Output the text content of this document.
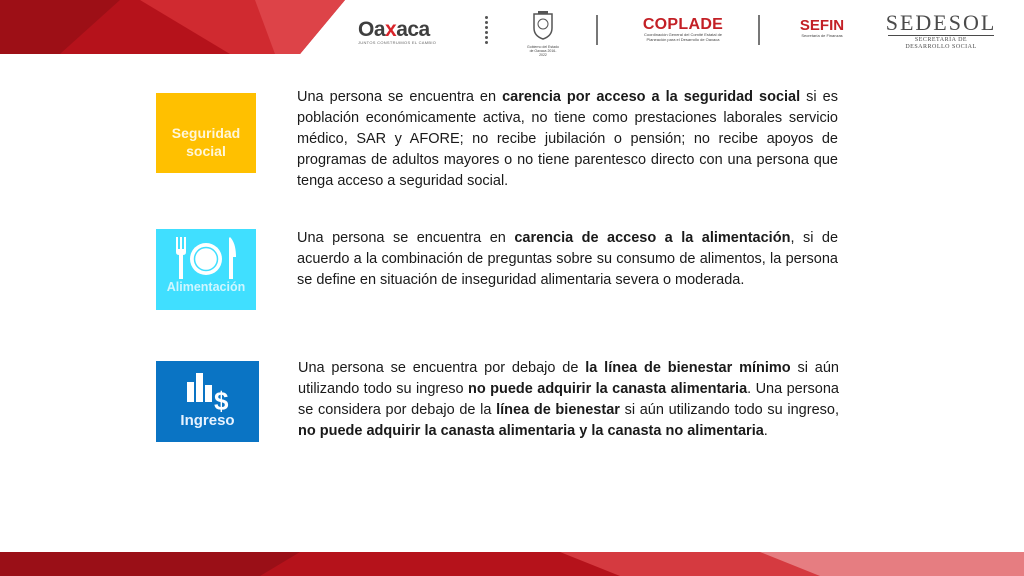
Oaxaca
JUNTOS CONSTRUIMOS EL CAMBIO
Gobierno del Estado de Oaxaca 2016-2022
COPLADE
Coordinación General del Comité Estatal de Planeación para el Desarrollo de Oaxaca
SEFIN
Secretaría de Finanzas
SEDESOL
SECRETARÍA DE
DESARROLLO SOCIAL
Seguridad social

Una persona se encuentra en carencia por acceso a la seguridad social si es población económicamente activa, no tiene como prestaciones laborales servicio médico, SAR y AFORE; no recibe jubilación o pensión; no recibe apoyos de programas de adultos mayores o no tiene parentesco directo con una persona que tenga acceso a seguridad social.

Alimentación

Una persona se encuentra en carencia de acceso a la alimentación, si de acuerdo a la combinación de preguntas sobre su consumo de alimentos, la persona se define en situación de inseguridad alimentaria severa o moderada.

$
Ingreso

Una persona se encuentra por debajo de la línea de bienestar mínimo si aún utilizando todo su ingreso no puede adquirir la canasta alimentaria. Una persona se considera por debajo de la línea de bienestar si aún utilizando todo su ingreso, no puede adquirir la canasta alimentaria y la canasta no alimentaria.
